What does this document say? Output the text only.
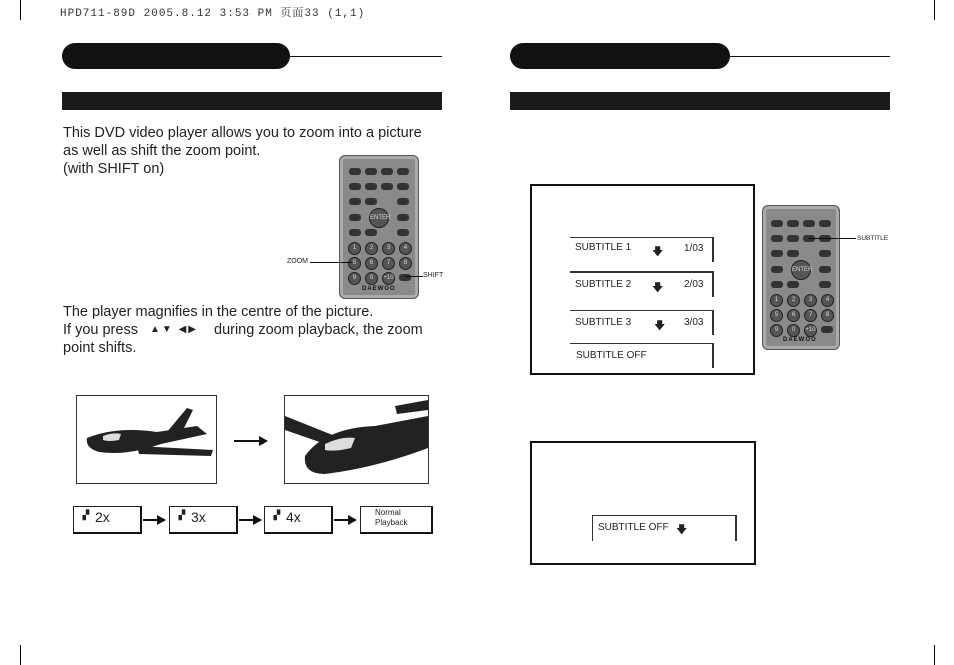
HPD711-89D 2005.8.12 3:53 PM 页面33 (1,1)
This DVD video player allows you to zoom into a picture
as well as shift the zoom point.
(with SHIFT on)
ENTER
1	2	3	4
5	6	7	8
9	0	+10
DAEWOO
ZOOM
SHIFT
The player magnifies in the centre of the picture.
If you press ▲▼ ◀▶ during zoom playback, the zoom
point shifts.
▗▘ 2x	▗▘ 3x	▗▘ 4x	Normal
Playback
SUBTITLE 1 🡇 1/03
SUBTITLE 2 🡇 2/03
SUBTITLE 3 🡇 3/03
SUBTITLE OFF
ENTER
1	2	3	4
5	6	7	8
9	0	+10
DAEWOO
SUBTITLE
SUBTITLE OFF 🡇
